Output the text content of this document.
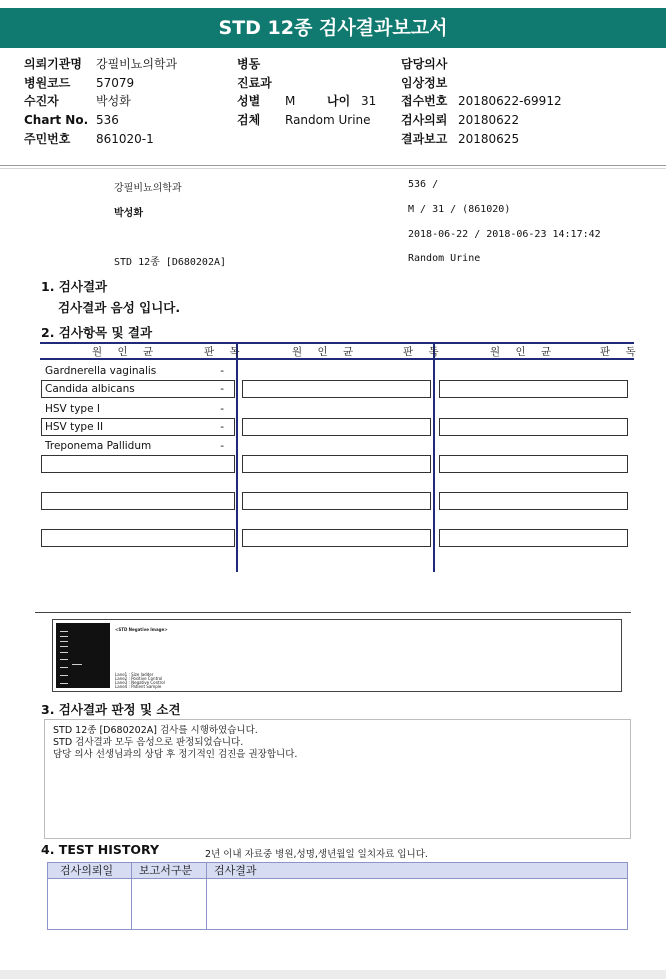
STD 12종 검사결과보고서
의뢰기관명	강필비뇨의학과
병원코드	57079
수진자	박성화
Chart No. 536
주민번호	861020-1
병동
진료과
성별	M	나이 31
검체	Random Urine
담당의사
임상정보
접수번호 20180622-69912
검사의뢰 20180622
결과보고 20180625
강필비뇨의학과
박성화
STD 12종 [D680202A]
536 /
M / 31 / (861020)
2018-06-22 / 2018-06-23 14:17:42
Random Urine
1. 검사결과
검사결과 음성 입니다.
2. 검사항목 및 결과
원 인 균	판 독	원 인 균	판 독	원 인 균	판 독
Gardnerella vaginalis	-
Candida albicans	-
HSV type I	-
HSV type II	-
Treponema Pallidum	-
<STD Negative Image>
Lane1 : Size ladder
Lane2 : Positive Control
Lane3 : Negative Control
Lane4 : Patient Sample
3. 검사결과 판정 및 소견
STD 12종 [D680202A] 검사를 시행하였습니다.
STD 검사결과 모두 음성으로 판정되었습니다.
담당 의사 선생님과의 상담 후 정기적인 검진을 권장합니다.
4. TEST HISTORY	2년 이내 자료중 병원,성명,생년월일 일치자료 입니다.
검사의뢰일 보고서구분 검사결과
